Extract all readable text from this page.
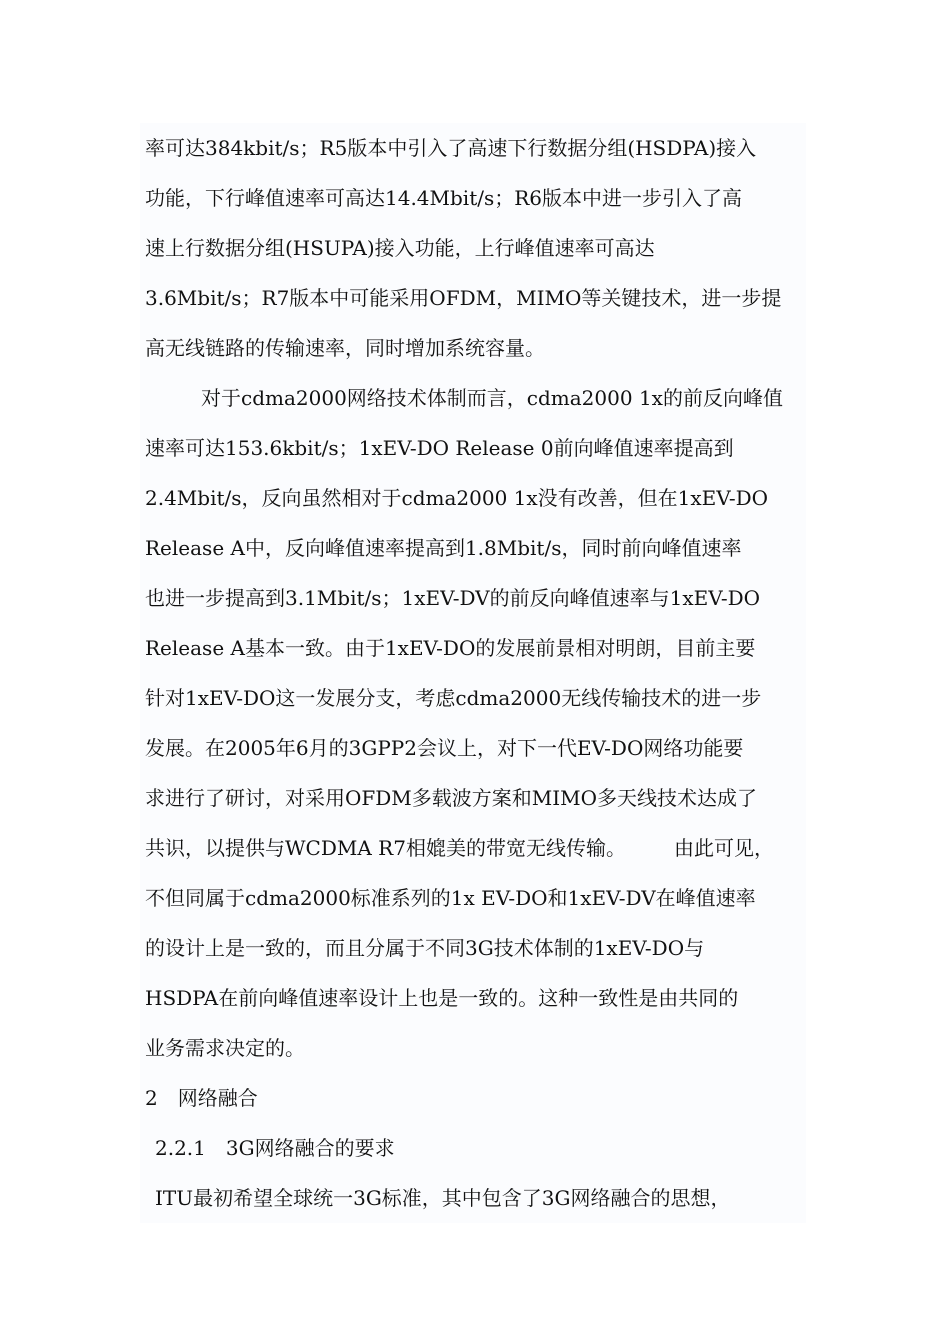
率可达384kbit/s；R5版本中引入了高速下行数据分组(HSDPA)接入
功能，下行峰值速率可高达14.4Mbit/s；R6版本中进一步引入了高
速上行数据分组(HSUPA)接入功能，上行峰值速率可高达
3.6Mbit/s；R7版本中可能采用OFDM，MIMO等关键技术，进一步提
高无线链路的传输速率，同时增加系统容量。
对于cdma2000网络技术体制而言，cdma2000 1x的前反向峰值
速率可达153.6kbit/s；1xEV-DO Release 0前向峰值速率提高到
2.4Mbit/s，反向虽然相对于cdma2000 1x没有改善，但在1xEV-DO
Release A中，反向峰值速率提高到1.8Mbit/s，同时前向峰值速率
也进一步提高到3.1Mbit/s；1xEV-DV的前反向峰值速率与1xEV-DO
Release A基本一致。由于1xEV-DO的发展前景相对明朗，目前主要
针对1xEV-DO这一发展分支，考虑cdma2000无线传输技术的进一步
发展。在2005年6月的3GPP2会议上，对下一代EV-DO网络功能要
求进行了研讨，对采用OFDM多载波方案和MIMO多天线技术达成了
共识，以提供与WCDMA R7相媲美的带宽无线传输。 由此可见，
不但同属于cdma2000标准系列的1x EV-DO和1xEV-DV在峰值速率
的设计上是一致的，而且分属于不同3G技术体制的1xEV-DO与
HSDPA在前向峰值速率设计上也是一致的。这种一致性是由共同的
业务需求决定的。
2　网络融合
2.2.1　3G网络融合的要求
ITU最初希望全球统一3G标准，其中包含了3G网络融合的思想，
